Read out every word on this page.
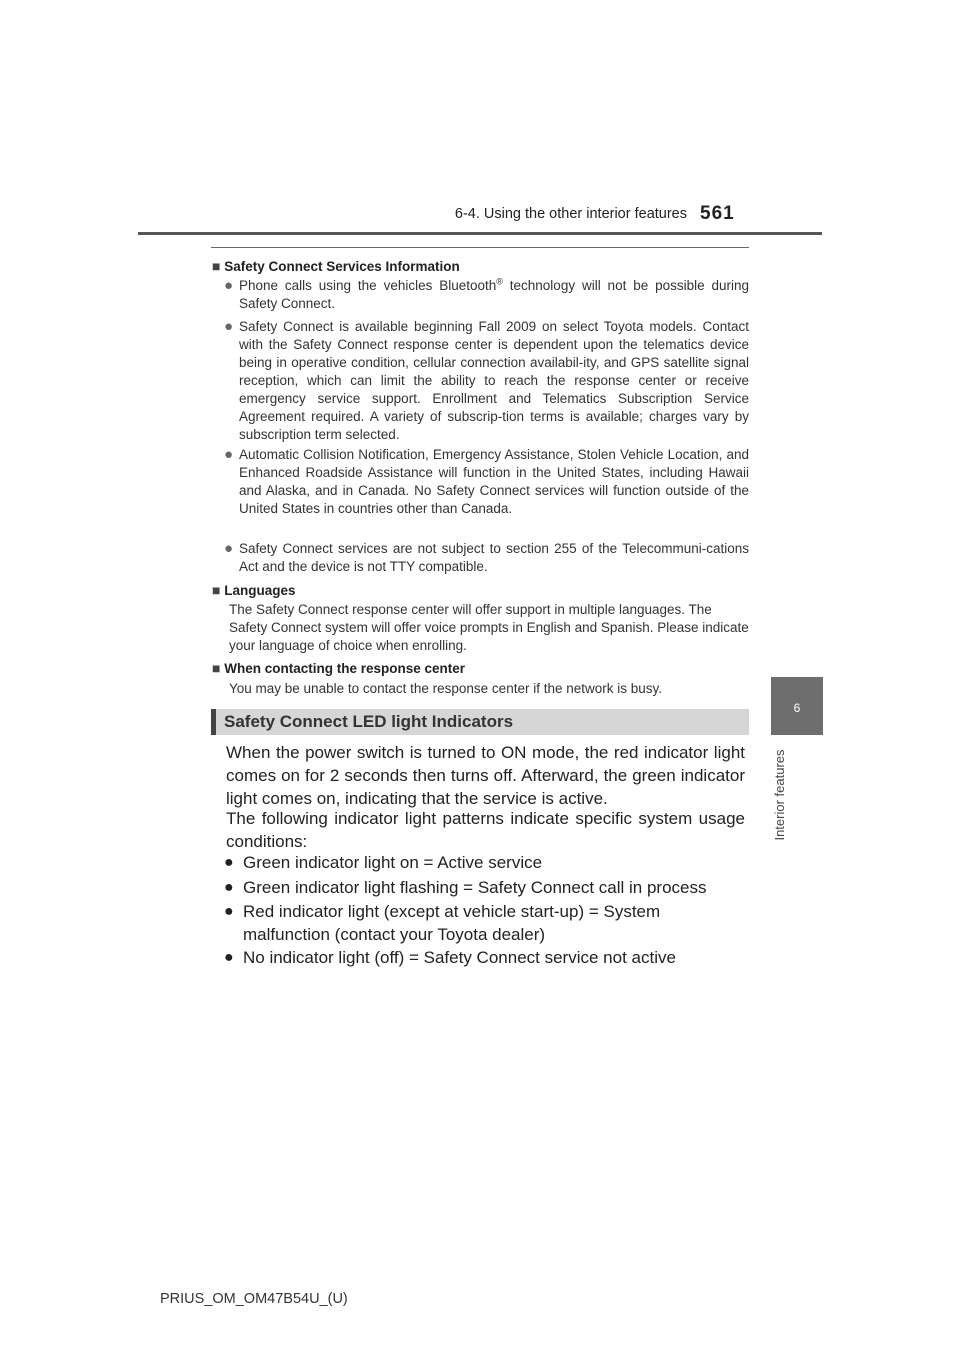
6-4. Using the other interior features 561
6
Interior features
■ Safety Connect Services Information
● Phone calls using the vehicles Bluetooth® technology will not be possible during Safety Connect.
● Safety Connect is available beginning Fall 2009 on select Toyota models. Contact with the Safety Connect response center is dependent upon the telematics device being in operative condition, cellular connection availabil-ity, and GPS satellite signal reception, which can limit the ability to reach the response center or receive emergency service support. Enrollment and Telematics Subscription Service Agreement required. A variety of subscrip-tion terms is available; charges vary by subscription term selected.
● Automatic Collision Notification, Emergency Assistance, Stolen Vehicle Location, and Enhanced Roadside Assistance will function in the United States, including Hawaii and Alaska, and in Canada. No Safety Connect services will function outside of the United States in countries other than Canada.
● Safety Connect services are not subject to section 255 of the Telecommuni-cations Act and the device is not TTY compatible.
■ Languages
The Safety Connect response center will offer support in multiple languages. The Safety Connect system will offer voice prompts in English and Spanish. Please indicate your language of choice when enrolling.
■ When contacting the response center
You may be unable to contact the response center if the network is busy.
Safety Connect LED light Indicators
When the power switch is turned to ON mode, the red indicator light comes on for 2 seconds then turns off. Afterward, the green indicator light comes on, indicating that the service is active.
The following indicator light patterns indicate specific system usage conditions:
● Green indicator light on = Active service
● Green indicator light flashing = Safety Connect call in process
● Red indicator light (except at vehicle start-up) = System malfunction (contact your Toyota dealer)
● No indicator light (off) = Safety Connect service not active
PRIUS_OM_OM47B54U_(U)
